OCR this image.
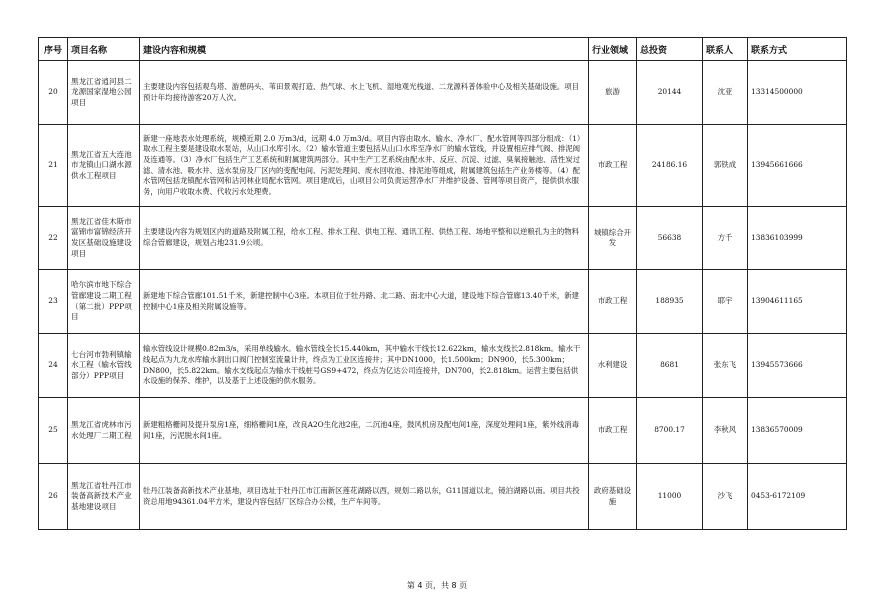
序号	项目名称	建设内容和规模	行业领域	总投资	联系人	联系方式
20	黑龙江省逍河县二龙源国家湿地公园项目	主要建设内容包括观鸟塔、游憩码头、苇田景观打造、热气球、水上飞机、湿地观光栈道、二龙源科普体验中心及相关基础设施。项目预计年均接待游客20万人次。	旅游	20144	沈亚	13314500000
21	黑龙江省五大连池市龙镇山口湖水源供水工程项目	新建一座地表水处理系统，规模近期 2.0 万m3/d，远期 4.0 万m3/d。项目内容由取水、输水、净水厂、配水管网等四部分组成：（1）取水工程主要是建设取水泵站，从山口水库引水。（2）输水管道主要包括从山口水库至净水厂的输水管线，并设置相应排气阀、排泥阀及连通等。（3）净水厂包括生产工艺系统和附属建筑两部分。其中生产工艺系统由配水井、反应、沉淀、过滤、臭氧接触池、活性炭过滤、清水池、吸水井、送水泵房及厂区内的变配电间、污泥处理间、废水回收池、排泥池等组成，附属建筑包括生产业务楼等。（4）配水管网包括龙镇配水管网和沾河林业局配水管网。项目建成后，山项目公司负责运营净水厂并维护设备、管网等项目资产，提供供水服务，向用户收取水费、代收污水处理费。	市政工程	24186.16	郭铁成	13945661666
22	黑龙江省佳木斯市富锦市富锦经济开发区基础设施建设项目	主要建设内容为规划区内的道路及附属工程，给水工程、排水工程、供电工程、通讯工程、供热工程、场地平整和以逆粮孔为主的物料综合管廊建设，规划占地231.9公顷。	城镇综合开发	56638	方千	13836103999
23	哈尔滨市地下综合管廊建设二期工程（第二批）PPP项目	新建地下综合管廊101.51千米，新建控制中心3座。本项目位于牡丹路、北二路、南北中心大道，建设地下综合管廊13.40千米，新建控制中心1座及相关附属设施等。	市政工程	188935	耶宇	13904611165
24	七台河市勃利镇输水工程（输水管线部分）PPP项目	输水管线设计规模0.82m3/s，采用单线输水。输水管线全长15.440km，其中输水干线长12.622km，输水支线长2.818km。输水干线起点为九龙水库输水洞出口阀门控制室流量计井，终点为工业区连接井；其中DN1000，长1.500km；DN900，长5.300km；DN800，长5.822km。输水支线起点为输水干线桩号GS9+472，终点为亿达公司连接井，DN700，长2.818km。运营主要包括供水设施的保养、维护，以及基于上述设施的供水服务。	水利建设	8681	张东飞	13945573666
25	黑龙江省虎林市污水处理厂二期工程	新建粗格栅间及提升泵房1座，细格栅间1座，改良A2O生化池2座，二沉池4座，鼓风机房及配电间1座，深度处理间1座，紫外线消毒间1座，污泥脱水间1座。	市政工程	8700.17	李秋风	13836570009
26	黑龙江省牡丹江市装备高新技术产业基地建设项目	牡丹江装备高新技术产业基地，项目选址于牡丹江市江南新区莲花湖路以西，规划二路以东，G11国道以北，镜泊湖路以南。项目共投资总用地94361.04平方米，建设内容包括厂区综合办公楼，生产车间等。	政府基础设施	11000	沙飞	0453-6172109
第 4 页，共 8 页
